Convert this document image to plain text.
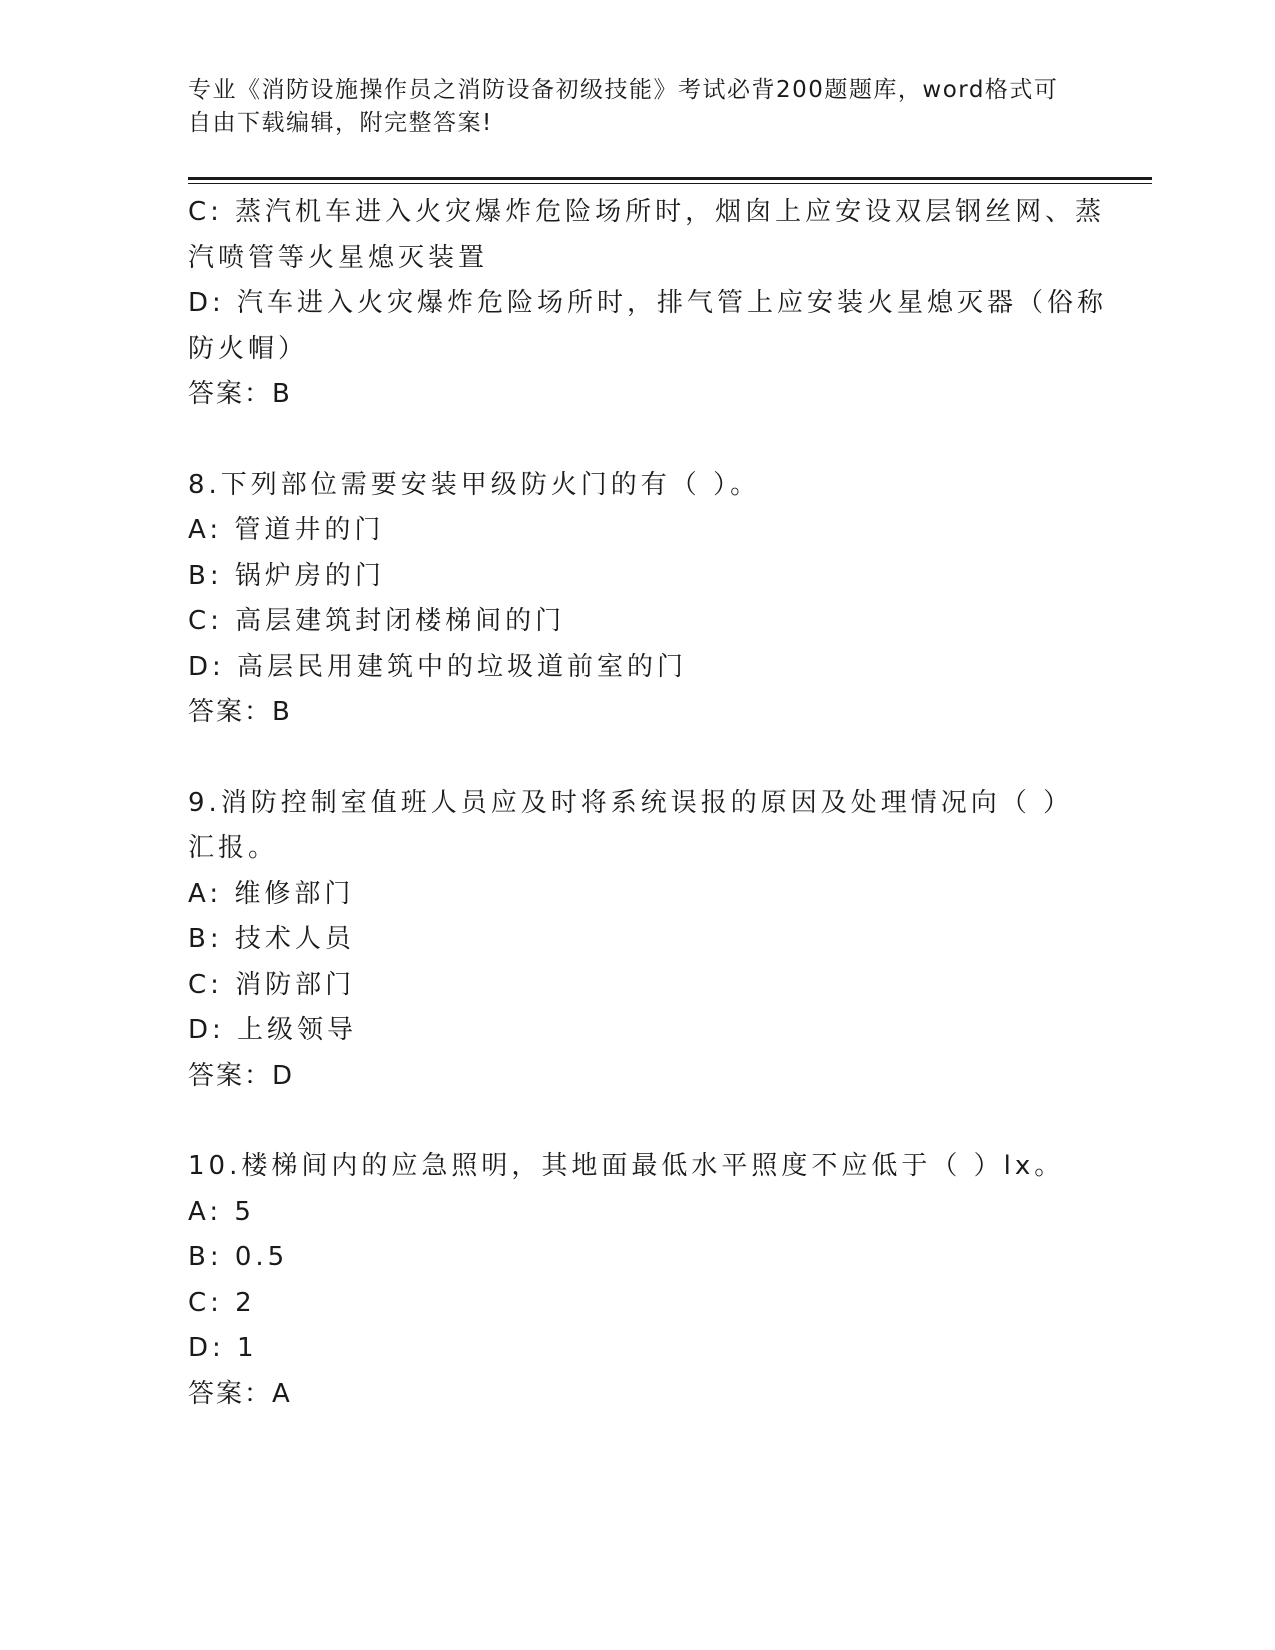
专业《消防设施操作员之消防设备初级技能》考试必背200题题库，word格式可
自由下载编辑，附完整答案!

C: 蒸汽机车进入火灾爆炸危险场所时，烟囱上应安设双层钢丝网、蒸

汽喷管等火星熄灭装置

D: 汽车进入火灾爆炸危险场所时，排气管上应安装火星熄灭器（俗称

防火帽）

答案：B

8.下列部位需要安装甲级防火门的有（ ）。

A: 管道井的门

B: 锅炉房的门

C: 高层建筑封闭楼梯间的门

D: 高层民用建筑中的垃圾道前室的门

答案：B

9.消防控制室值班人员应及时将系统误报的原因及处理情况向（ ）

汇报。

A: 维修部门

B: 技术人员

C: 消防部门

D: 上级领导

答案：D

10.楼梯间内的应急照明，其地面最低水平照度不应低于（ ）lx。

A: 5

B: 0.5

C: 2

D: 1

答案：A
